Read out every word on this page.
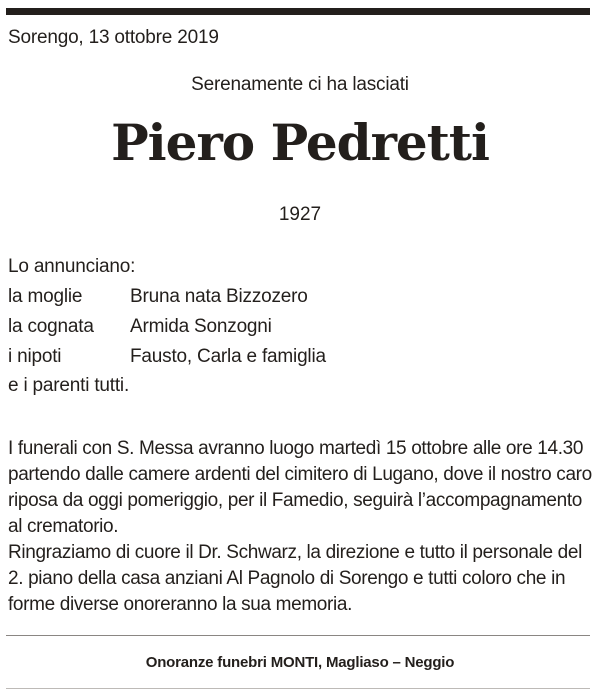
Sorengo, 13 ottobre 2019
Serenamente ci ha lasciati
Piero Pedretti
1927
Lo annunciano:
la moglie	Bruna nata Bizzozero
la cognata Armida Sonzogni
i nipoti	Fausto, Carla e famiglia
e i parenti tutti.
I funerali con S. Messa avranno luogo martedì 15 ottobre alle ore 14.30 partendo dalle camere ardenti del cimitero di Lugano, dove il nostro caro riposa da oggi pomeriggio, per il Famedio, seguirà l’accompagnamento al crematorio.
Ringraziamo di cuore il Dr. Schwarz, la direzione e tutto il personale del 2. piano della casa anziani Al Pagnolo di Sorengo e tutti coloro che in forme diverse onoreranno la sua memoria.
Onoranze funebri MONTI, Magliaso – Neggio
